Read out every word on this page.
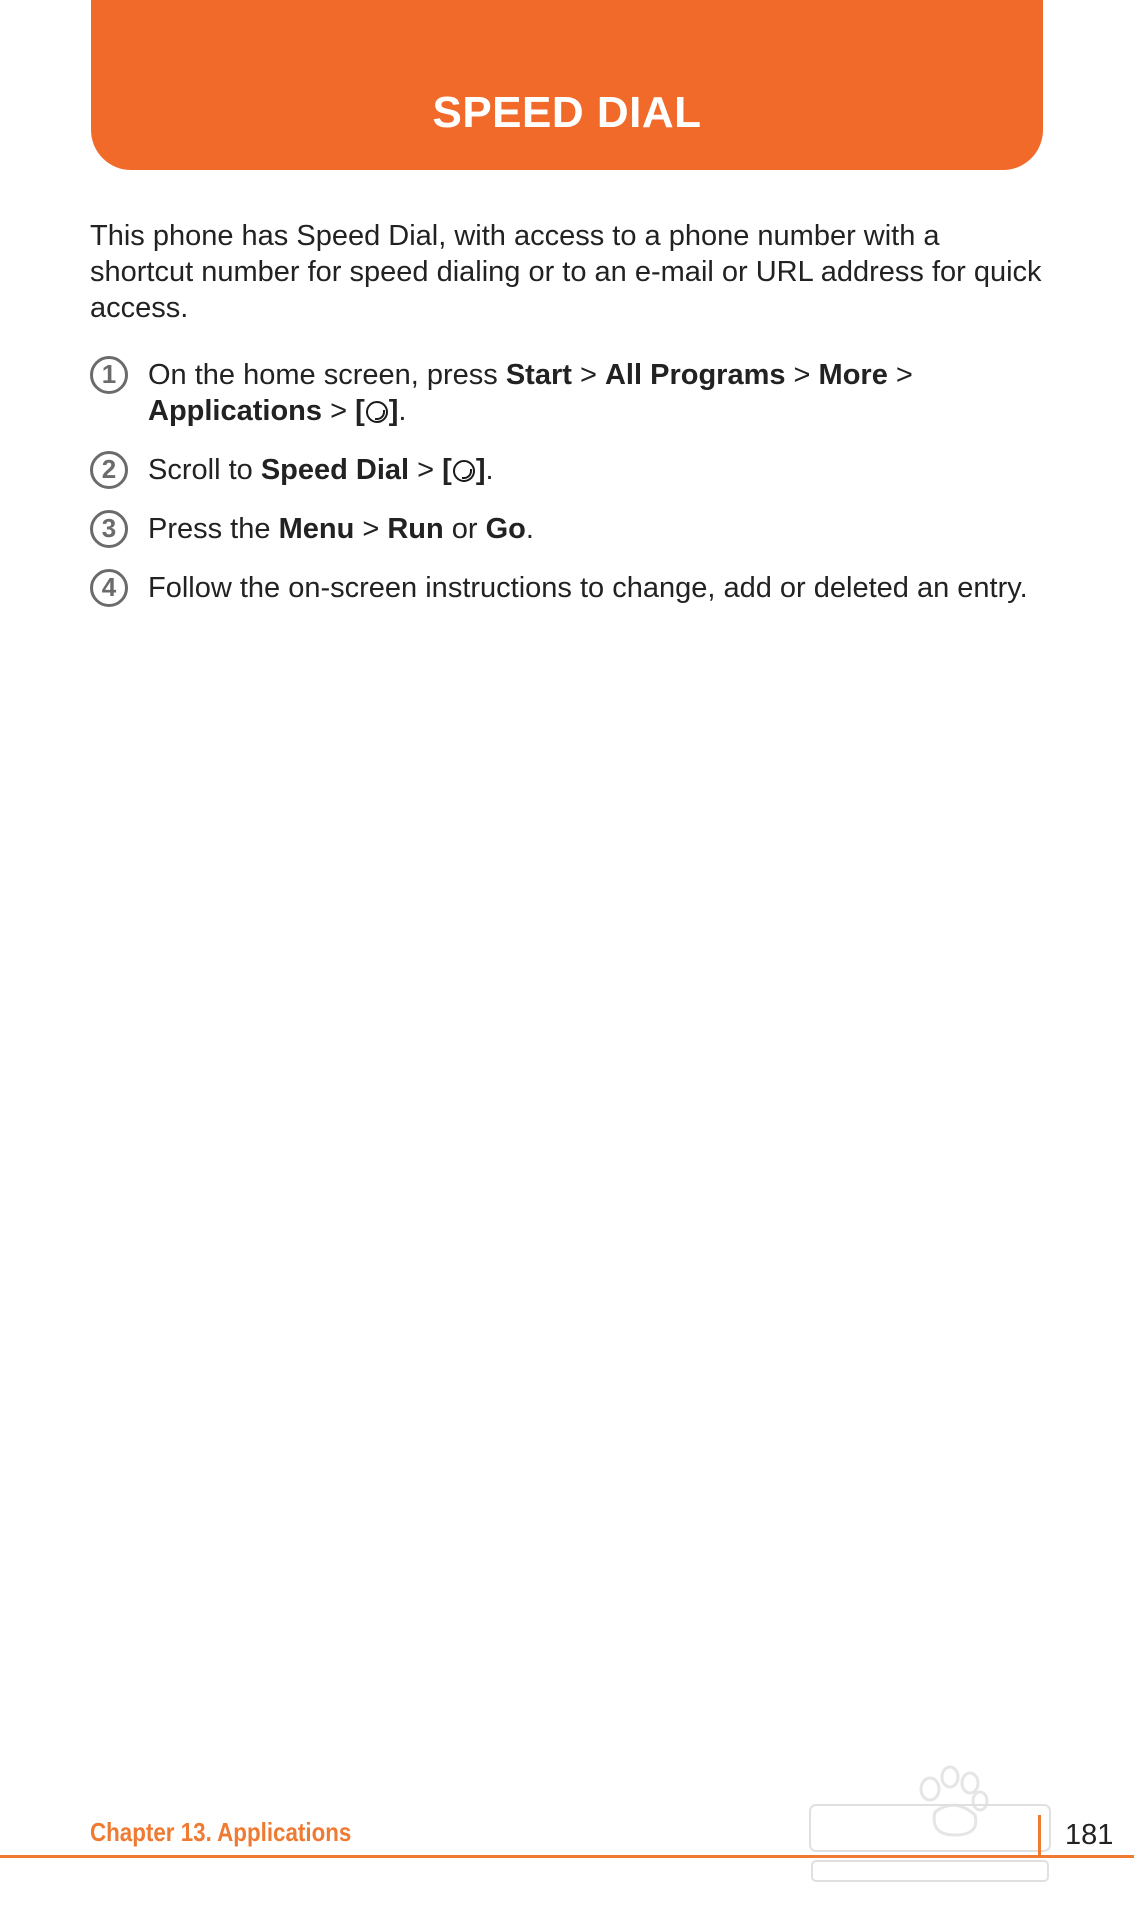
SPEED DIAL

This phone has Speed Dial, with access to a phone number with a shortcut number for speed dialing or to an e-mail or URL address for quick access.

1	On the home screen, press Start > All Programs > More > Applications > [ ].
2	Scroll to Speed Dial > [ ].
3	Press the Menu > Run or Go.
4	Follow the on-screen instructions to change, add or deleted an entry.
Chapter 13. Applications	181
